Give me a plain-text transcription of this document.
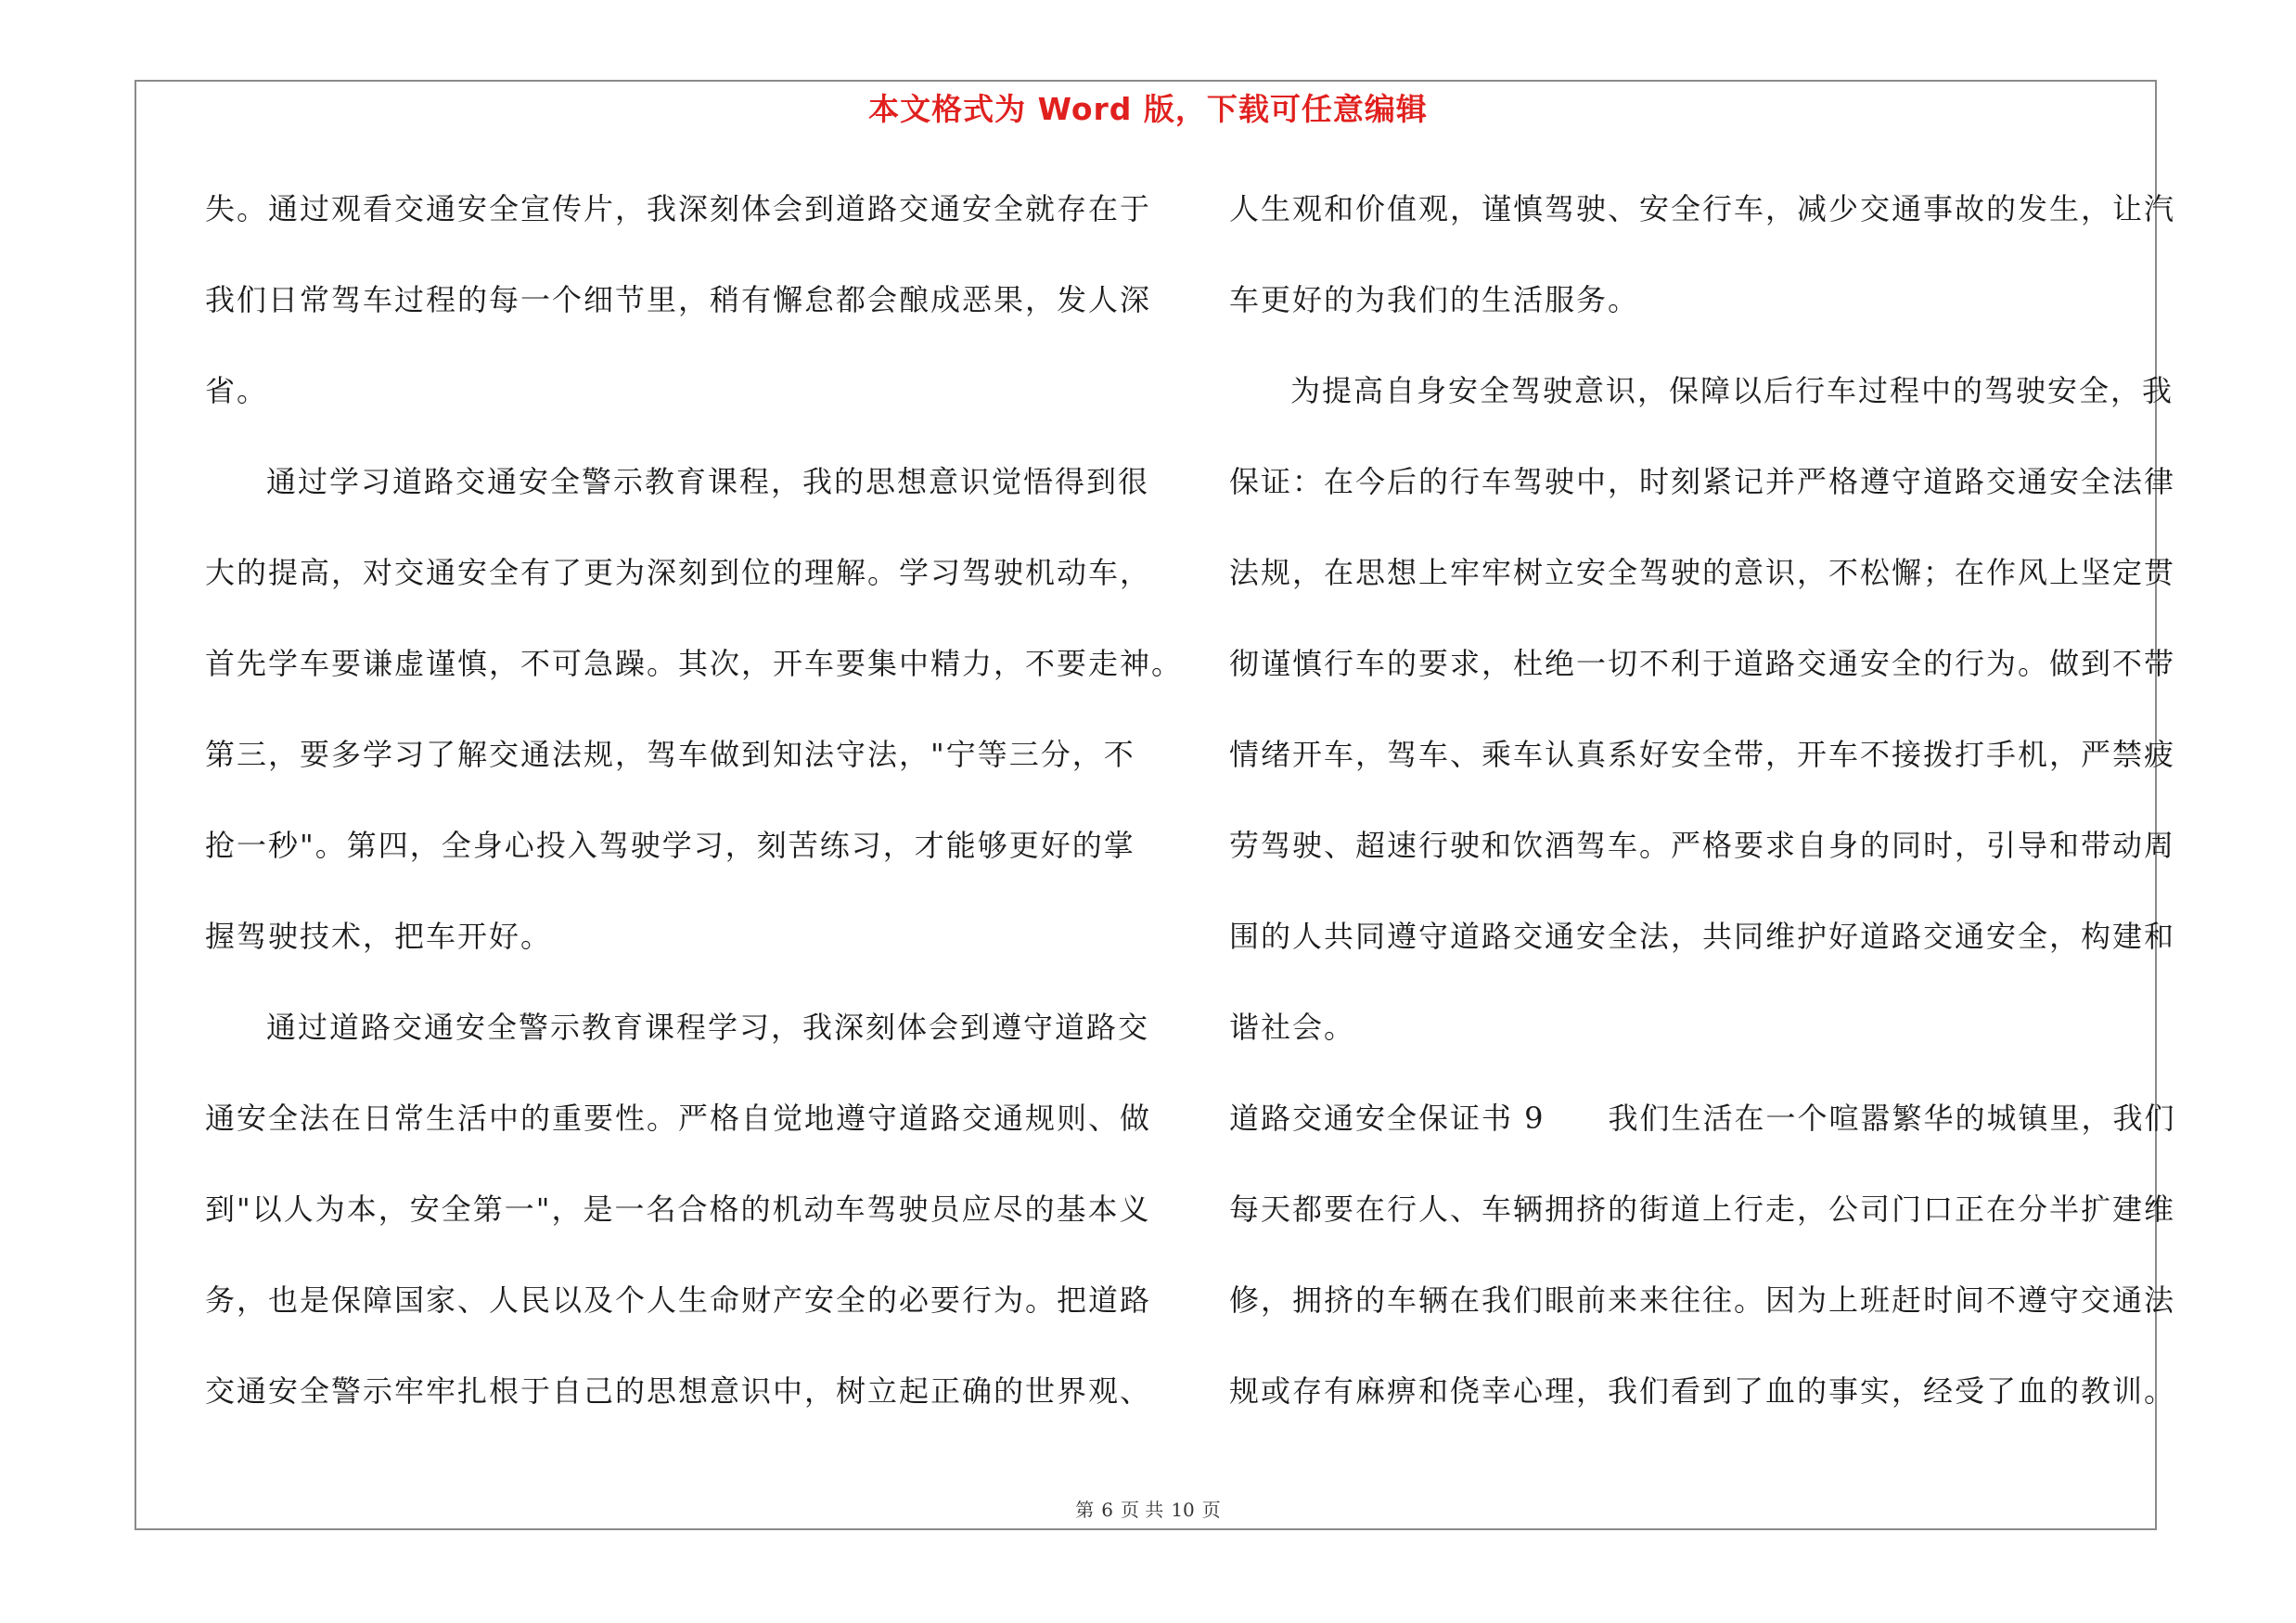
本文格式为 Word 版，下载可任意编辑
失。通过观看交通安全宣传片，我深刻体会到道路交通安全就存在于
我们日常驾车过程的每一个细节里，稍有懈怠都会酿成恶果，发人深
省。
通过学习道路交通安全警示教育课程，我的思想意识觉悟得到很
大的提高，对交通安全有了更为深刻到位的理解。学习驾驶机动车，
首先学车要谦虚谨慎，不可急躁。其次，开车要集中精力，不要走神。
第三，要多学习了解交通法规，驾车做到知法守法，"宁等三分，不
抢一秒"。第四，全身心投入驾驶学习，刻苦练习，才能够更好的掌
握驾驶技术，把车开好。
通过道路交通安全警示教育课程学习，我深刻体会到遵守道路交
通安全法在日常生活中的重要性。严格自觉地遵守道路交通规则、做
到"以人为本，安全第一"，是一名合格的机动车驾驶员应尽的基本义
务，也是保障国家、人民以及个人生命财产安全的必要行为。把道路
交通安全警示牢牢扎根于自己的思想意识中，树立起正确的世界观、
人生观和价值观，谨慎驾驶、安全行车，减少交通事故的发生，让汽
车更好的为我们的生活服务。
为提高自身安全驾驶意识，保障以后行车过程中的驾驶安全，我
保证：在今后的行车驾驶中，时刻紧记并严格遵守道路交通安全法律
法规，在思想上牢牢树立安全驾驶的意识，不松懈；在作风上坚定贯
彻谨慎行车的要求，杜绝一切不利于道路交通安全的行为。做到不带
情绪开车，驾车、乘车认真系好安全带，开车不接拨打手机，严禁疲
劳驾驶、超速行驶和饮酒驾车。严格要求自身的同时，引导和带动周
围的人共同遵守道路交通安全法，共同维护好道路交通安全，构建和
谐社会。
道路交通安全保证书 9　　我们生活在一个喧嚣繁华的城镇里，我们
每天都要在行人、车辆拥挤的街道上行走，公司门口正在分半扩建维
修，拥挤的车辆在我们眼前来来往往。因为上班赶时间不遵守交通法
规或存有麻痹和侥幸心理，我们看到了血的事实，经受了血的教训。
第 6 页 共 10 页
